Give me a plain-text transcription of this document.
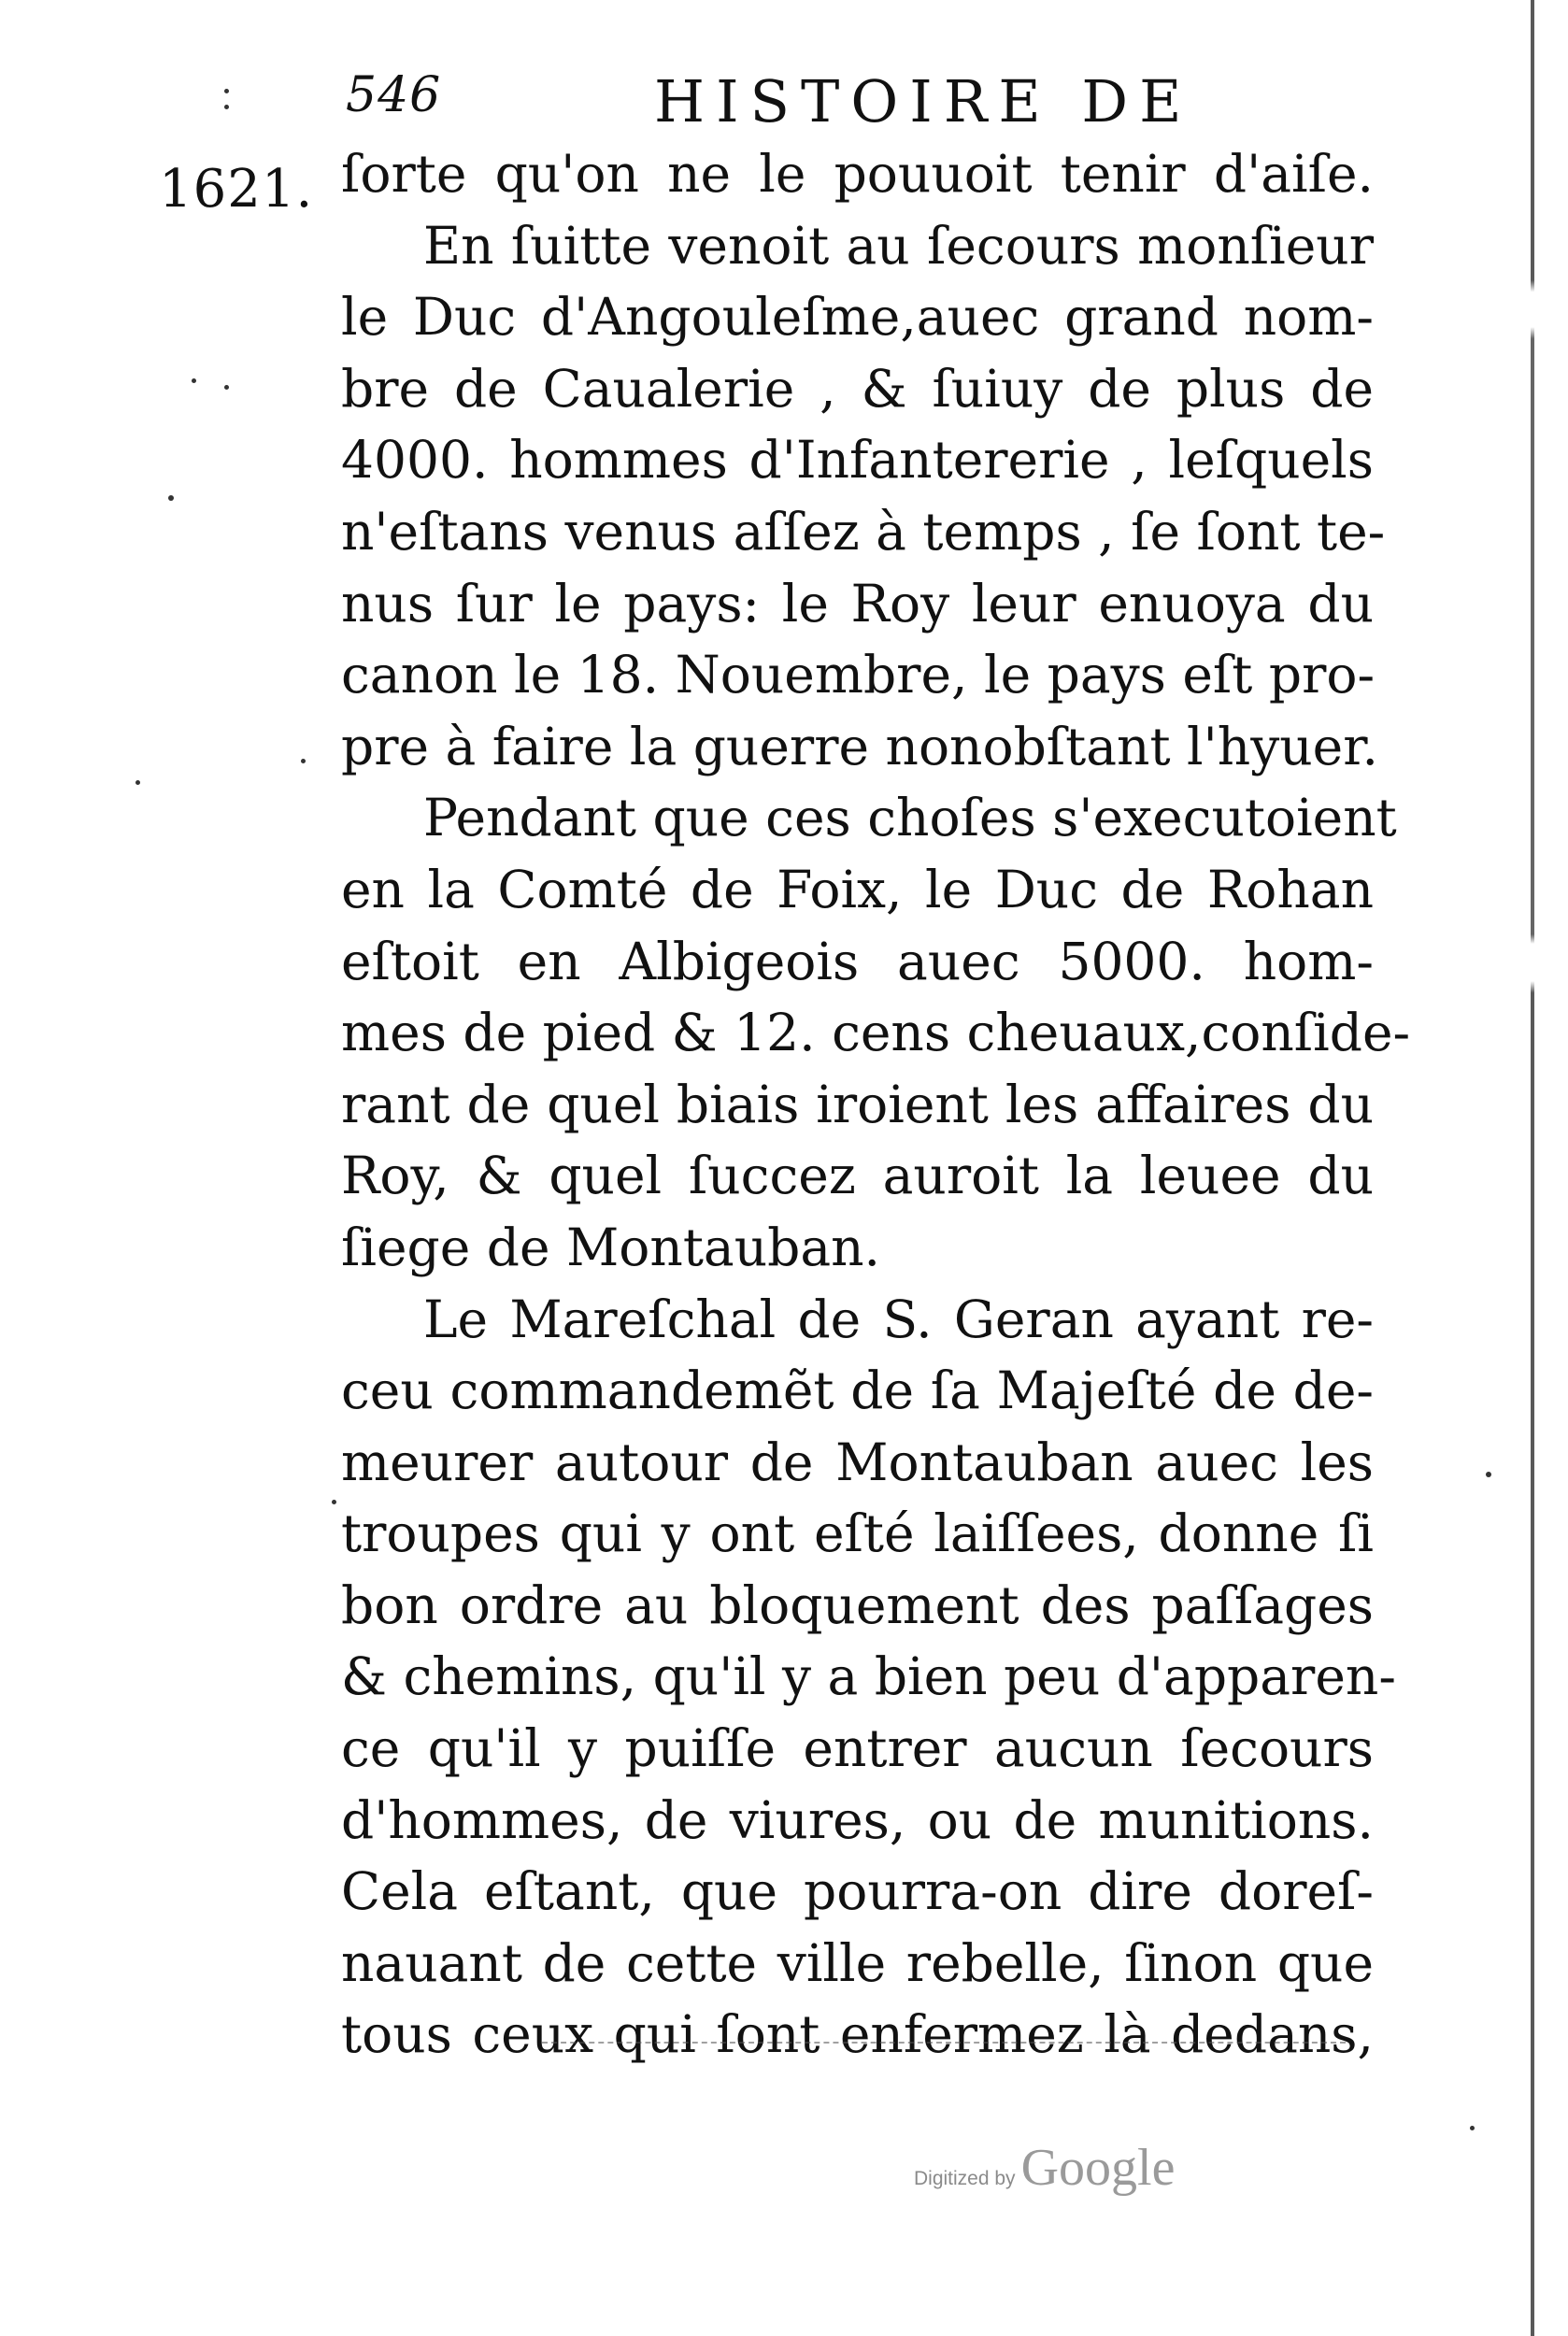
546	HISTOIRE DE
1621. ſorte qu'on ne le pouuoit tenir d'aiſe.
En ſuitte venoit au ſecours monſieur
le Duc d'Angouleſme,auec grand nom-
bre de Caualerie , & ſuiuy de plus de
4000. hommes d'Infantererie , leſquels
n'eſtans venus aſſez à temps , ſe ſont te-
nus ſur le pays: le Roy leur enuoya du
canon le 18. Nouembre, le pays eſt pro-
pre à faire la guerre nonobſtant l'hyuer.
Pendant que ces choſes s'executoient
en la Comté de Foix, le Duc de Rohan
eſtoit en Albigeois auec 5000. hom-
mes de pied & 12. cens cheuaux,conſide-
rant de quel biais iroient les affaires du
Roy, & quel ſuccez auroit la leuee du
ſiege de Montauban.
Le Mareſchal de S. Geran ayant re-
ceu commandemẽt de ſa Majeſté de de-
meurer autour de Montauban auec les
troupes qui y ont eſté laiſſees, donne ſi
bon ordre au bloquement des paſſages
& chemins, qu'il y a bien peu d'apparen-
ce qu'il y puiſſe entrer aucun ſecours
d'hommes, de viures, ou de munitions.
Cela eſtant, que pourra-on dire doreſ-
nauant de cette ville rebelle, ſinon que
tous ceux qui ſont enfermez là dedans,
Digitized by Google
